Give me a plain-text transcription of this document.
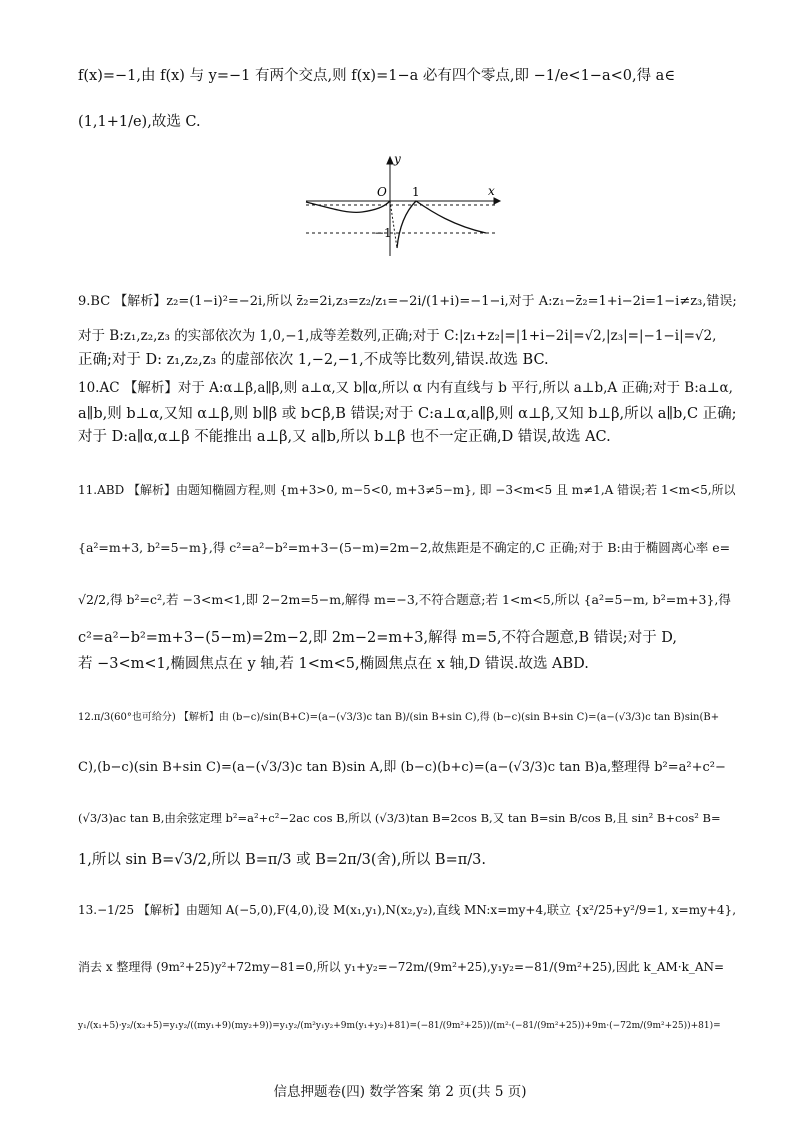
f(x)=−1,由 f(x) 与 y=−1 有两个交点,则 f(x)=1−a 必有四个零点,即 −1/e<1−a<0,得 a∈
(1,1+1/e),故选 C.
y
x
O 1
−1
9.BC 【解析】z₂=(1−i)²=−2i,所以 z̄₂=2i,z₃=z₂/z₁=−2i/(1+i)=−1−i,对于 A:z₁−z̄₂=1+i−2i=1−i≠z₃,错误;
对于 B:z₁,z₂,z₃ 的实部依次为 1,0,−1,成等差数列,正确;对于 C:|z₁+z₂|=|1+i−2i|=√2,|z₃|=|−1−i|=√2,
正确;对于 D: z₁,z₂,z₃ 的虚部依次 1,−2,−1,不成等比数列,错误.故选 BC.
10.AC 【解析】对于 A:α⊥β,a∥β,则 a⊥α,又 b∥α,所以 α 内有直线与 b 平行,所以 a⊥b,A 正确;对于 B:a⊥α,
a∥b,则 b⊥α,又知 α⊥β,则 b∥β 或 b⊂β,B 错误;对于 C:a⊥α,a∥β,则 α⊥β,又知 b⊥β,所以 a∥b,C 正确;
对于 D:a∥α,α⊥β 不能推出 a⊥β,又 a∥b,所以 b⊥β 也不一定正确,D 错误,故选 AC.
11.ABD 【解析】由题知椭圆方程,则 {m+3>0, m−5<0, m+3≠5−m}, 即 −3<m<5 且 m≠1,A 错误;若 1<m<5,所以
{a²=m+3, b²=5−m},得 c²=a²−b²=m+3−(5−m)=2m−2,故焦距是不确定的,C 正确;对于 B:由于椭圆离心率 e=
√2/2,得 b²=c²,若 −3<m<1,即 2−2m=5−m,解得 m=−3,不符合题意;若 1<m<5,所以 {a²=5−m, b²=m+3},得
c²=a²−b²=m+3−(5−m)=2m−2,即 2m−2=m+3,解得 m=5,不符合题意,B 错误;对于 D,
若 −3<m<1,椭圆焦点在 y 轴,若 1<m<5,椭圆焦点在 x 轴,D 错误.故选 ABD.
12.π/3(60°也可给分) 【解析】由 (b−c)/sin(B+C)=(a−(√3/3)c tan B)/(sin B+sin C),得 (b−c)(sin B+sin C)=(a−(√3/3)c tan B)sin(B+
C),(b−c)(sin B+sin C)=(a−(√3/3)c tan B)sin A,即 (b−c)(b+c)=(a−(√3/3)c tan B)a,整理得 b²=a²+c²−
(√3/3)ac tan B,由余弦定理 b²=a²+c²−2ac cos B,所以 (√3/3)tan B=2cos B,又 tan B=sin B/cos B,且 sin² B+cos² B=
1,所以 sin B=√3/2,所以 B=π/3 或 B=2π/3(舍),所以 B=π/3.
13.−1/25 【解析】由题知 A(−5,0),F(4,0),设 M(x₁,y₁),N(x₂,y₂),直线 MN:x=my+4,联立 {x²/25+y²/9=1, x=my+4},
消去 x 整理得 (9m²+25)y²+72my−81=0,所以 y₁+y₂=−72m/(9m²+25),y₁y₂=−81/(9m²+25),因此 k_AM·k_AN=
y₁/(x₁+5)·y₂/(x₂+5)=y₁y₂/((my₁+9)(my₂+9))=y₁y₂/(m²y₁y₂+9m(y₁+y₂)+81)=(−81/(9m²+25))/(m²·(−81/(9m²+25))+9m·(−72m/(9m²+25))+81)=
信息押题卷(四) 数学答案 第 2 页(共 5 页)
